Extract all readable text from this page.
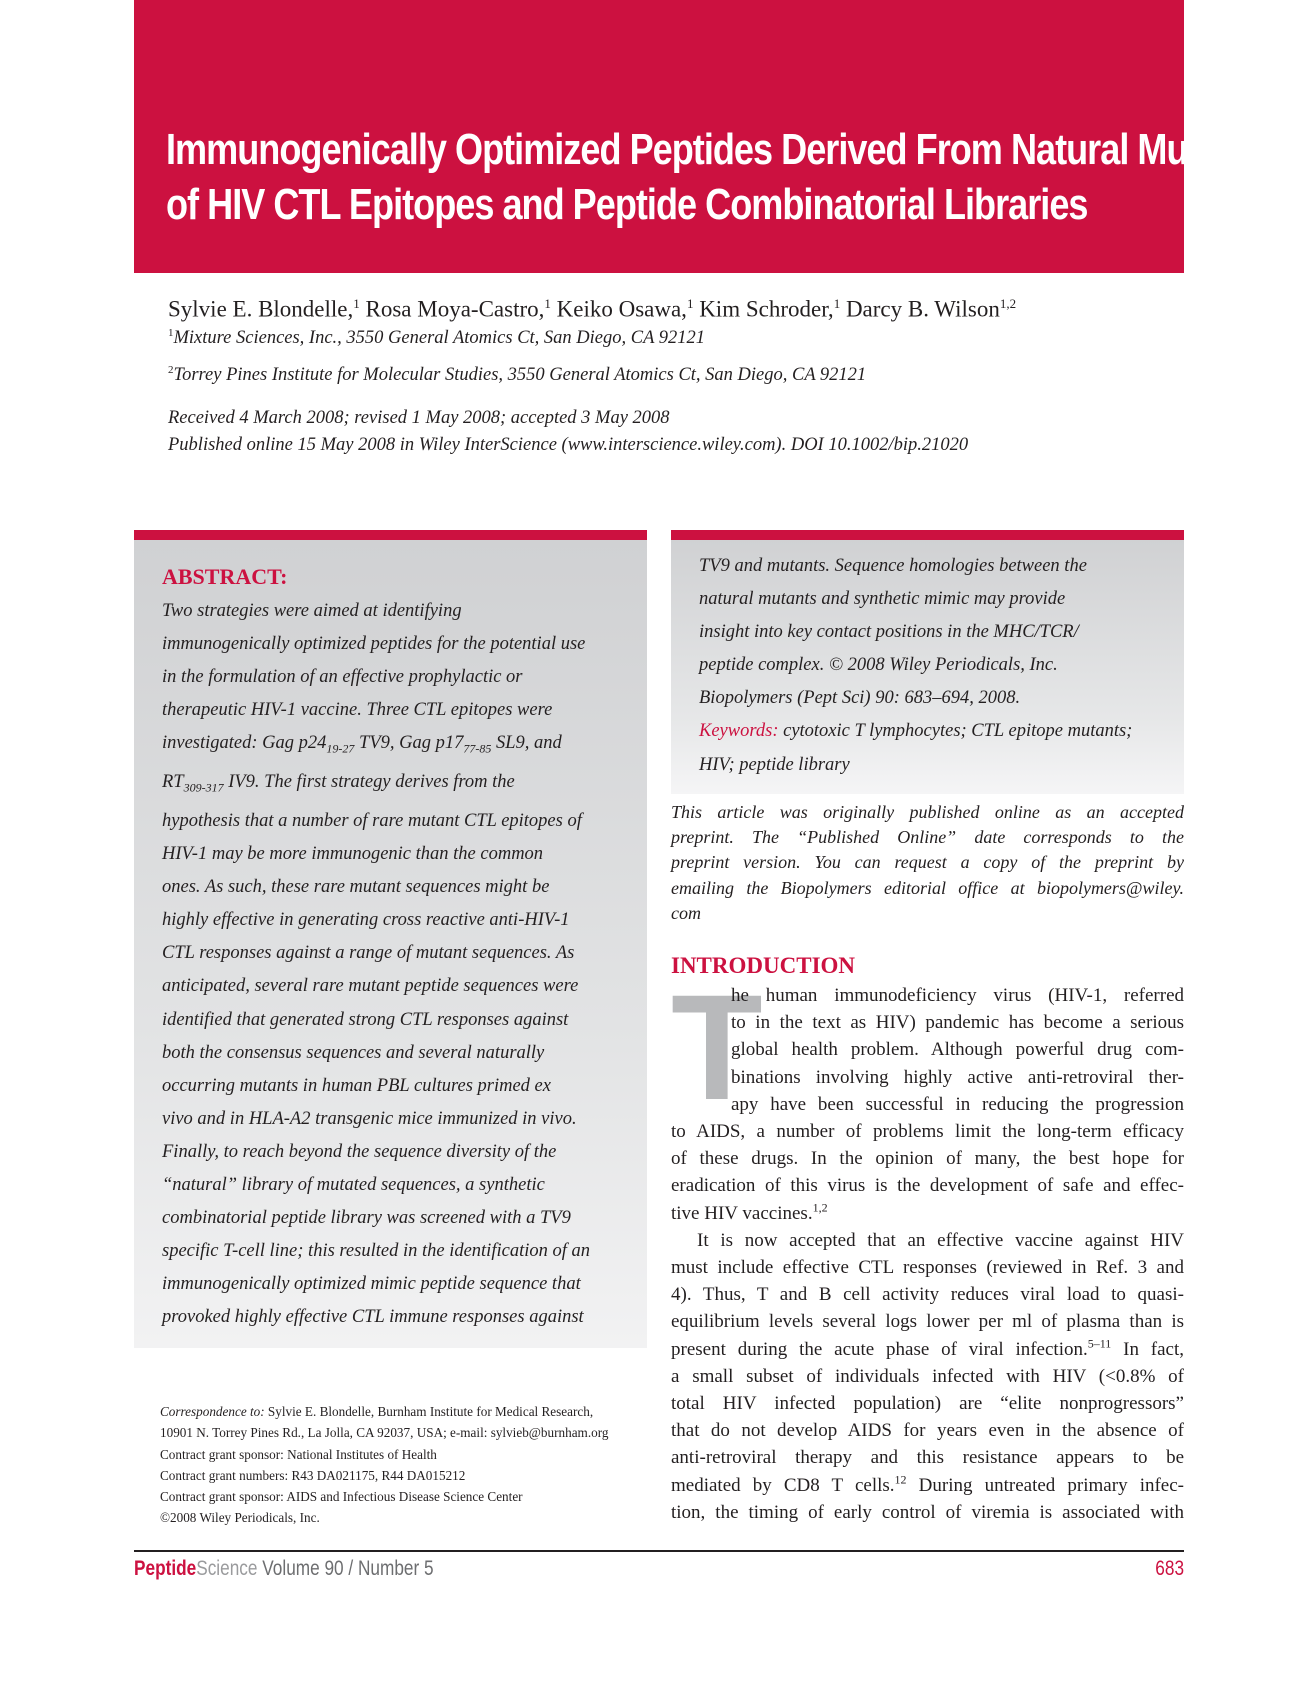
Immunogenically Optimized Peptides Derived From Natural Mutants
of HIV CTL Epitopes and Peptide Combinatorial Libraries
Sylvie E. Blondelle,$^1$ Rosa Moya-Castro,$^1$ Keiko Osawa,$^1$ Kim Schroder,$^1$ Darcy B. Wilson$^{1,2}$
$^1$Mixture Sciences, Inc., 3550 General Atomics Ct, San Diego, CA 92121
$^2$Torrey Pines Institute for Molecular Studies, 3550 General Atomics Ct, San Diego, CA 92121
Received 4 March 2008; revised 1 May 2008; accepted 3 May 2008
Published online 15 May 2008 in Wiley InterScience (www.interscience.wiley.com). DOI 10.1002/bip.21020
ABSTRACT:
Two strategies were aimed at identifying
immunogenically optimized peptides for the potential use
in the formulation of an effective prophylactic or
therapeutic HIV-1 vaccine. Three CTL epitopes were
investigated: Gag $p24_{19-27}$ TV9, Gag $p17_{77-85}$ SL9, and
$RT_{309-317}$ IV9. The first strategy derives from the
hypothesis that a number of rare mutant CTL epitopes of
HIV-1 may be more immunogenic than the common
ones. As such, these rare mutant sequences might be
highly effective in generating cross reactive anti-HIV-1
CTL responses against a range of mutant sequences. As
anticipated, several rare mutant peptide sequences were
identified that generated strong CTL responses against
both the consensus sequences and several naturally
occurring mutants in human PBL cultures primed ex
vivo and in HLA-A2 transgenic mice immunized in vivo.
Finally, to reach beyond the sequence diversity of the
“natural” library of mutated sequences, a synthetic
combinatorial peptide library was screened with a TV9
specific T-cell line; this resulted in the identification of an
immunogenically optimized mimic peptide sequence that
provoked highly effective CTL immune responses against
TV9 and mutants. Sequence homologies between the
natural mutants and synthetic mimic may provide
insight into key contact positions in the MHC/TCR/
peptide complex. © 2008 Wiley Periodicals, Inc.
Biopolymers (Pept Sci) 90: 683–694, 2008.
Keywords: cytotoxic T lymphocytes; CTL epitope mutants;
HIV; peptide library
This article was originally published online as an accepted
preprint. The “Published Online” date corresponds to the
preprint version. You can request a copy of the preprint by
emailing the Biopolymers editorial office at biopolymers@wiley.
com
INTRODUCTION
T
he human immunodeficiency virus (HIV-1, referred
to in the text as HIV) pandemic has become a serious
global health problem. Although powerful drug com-
binations involving highly active anti-retroviral ther-
apy have been successful in reducing the progression
to AIDS, a number of problems limit the long-term efficacy
of these drugs. In the opinion of many, the best hope for
eradication of this virus is the development of safe and effec-
tive HIV vaccines.$^{1,2}$
It is now accepted that an effective vaccine against HIV
must include effective CTL responses (reviewed in Ref. 3 and
4). Thus, T and B cell activity reduces viral load to quasi-
equilibrium levels several logs lower per ml of plasma than is
present during the acute phase of viral infection.$^{5-11}$ In fact,
a small subset of individuals infected with HIV (<0.8% of
total HIV infected population) are “elite nonprogressors”
that do not develop AIDS for years even in the absence of
anti-retroviral therapy and this resistance appears to be
mediated by CD8 T cells.$^{12}$ During untreated primary infec-
tion, the timing of early control of viremia is associated with
Correspondence to: Sylvie E. Blondelle, Burnham Institute for Medical Research,
10901 N. Torrey Pines Rd., La Jolla, CA 92037, USA; e-mail: sylvieb@burnham.org
Contract grant sponsor: National Institutes of Health
Contract grant numbers: R43 DA021175, R44 DA015212
Contract grant sponsor: AIDS and Infectious Disease Science Center
©2008 Wiley Periodicals, Inc.
PeptideScience Volume 90 / Number 5	683
